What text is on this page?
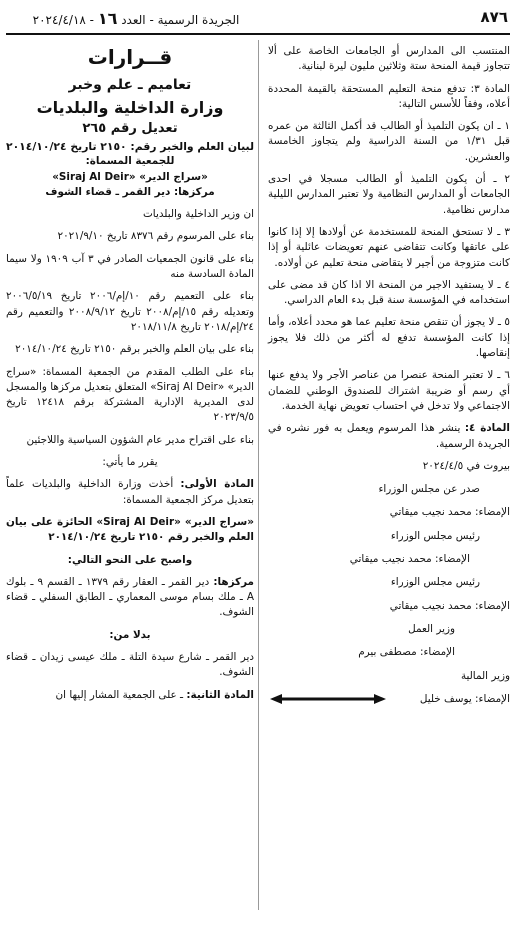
٨٧٦
الجريدة الرسمية - العدد ١٦ - ٢٠٢٤/٤/١٨

المنتسب الى المدارس أو الجامعات الخاصة على ألا تتجاوز قيمة المنحة ستة وثلاثين مليون ليرة لبنانية.

المادة ٣: تدفع منحة التعليم المستحقة بالقيمة المحددة أعلاه، وفقاً للأسس التالية:

١ ـ ان يكون التلميذ أو الطالب قد أكمل الثالثة من عمره قبل ١/٣١ من السنة الدراسية ولم يتجاوز الخامسة والعشرين.

٢ ـ أن يكون التلميذ أو الطالب مسجلا في احدى الجامعات أو المدارس النظامية ولا تعتبر المدارس الليلية مدارس نظامية.

٣ ـ لا تستحق المنحة للمستخدمة عن أولادها إلا إذا كانوا على عاتقها وكانت تتقاضى عنهم تعويضات عائلية أو إذا كانت متزوجة من أجير لا يتقاضى منحة تعليم عن أولاده.

٤ ـ لا يستفيد الاجير من المنحة الا اذا كان قد مضى على استخدامه في المؤسسة سنة قبل بدء العام الدراسي.

٥ ـ لا يجوز أن تنقص منحة تعليم عما هو محدد أعلاه، وأما إذا كانت المؤسسة تدفع له أكثر من ذلك فلا يجوز إنقاصها.

٦ ـ لا تعتبر المنحة عنصرا من عناصر الأجر ولا يدفع عنها أي رسم أو ضريبة اشتراك للصندوق الوطني للضمان الاجتماعي ولا تدخل في احتساب تعويض نهاية الخدمة.

المادة ٤: ينشر هذا المرسوم ويعمل به فور نشره في الجريدة الرسمية.

بيروت في ٢٠٢٤/٤/٥

صدر عن مجلس الوزراء

الإمضاء: محمد نجيب ميقاتي

رئيس مجلس الوزراء

الإمضاء: محمد نجيب ميقاتي

رئيس مجلس الوزراء

الإمضاء: محمد نجيب ميقاتي

وزير العمل

الإمضاء: مصطفى بيرم

وزير المالية

الإمضاء: يوسف خليل
قــرارات
تعاميم ـ علم وخبر
وزارة الداخلية والبلديات
تعديل رقم ٢٦٥
لبيان العلم والخبر رقم: ٢١٥٠ تاريخ ٢٠١٤/١٠/٢٤
للجمعية المسماة:
«سراج الدير» «Siraj Al Deir»

مركزها: دير القمر ـ قضاء الشوف

ان وزير الداخلية والبلديات

بناء على المرسوم رقم ٨٣٧٦ تاريخ ٢٠٢١/٩/١٠

بناء على قانون الجمعيات الصادر في ٣ آب ١٩٠٩ ولا سيما المادة السادسة منه

بناء على التعميم رقم ١٠/إم/٢٠٠٦ تاريخ ٢٠٠٦/٥/١٩ وتعديله رقم ١٥/إم/٢٠٠٨ تاريخ ٢٠٠٨/٩/١٢ والتعميم رقم ٢٤/إم/٢٠١٨ تاريخ ٢٠١٨/١١/٨

بناء على بيان العلم والخبر برقم ٢١٥٠ تاريخ ٢٠١٤/١٠/٢٤

بناء على الطلب المقدم من الجمعية المسماة: «سراج الدير» «Siraj Al Deir» المتعلق بتعديل مركزها والمسجل لدى المديرية الإدارية المشتركة برقم ١٢٤١٨ تاريخ ٢٠٢٣/٩/٥

بناء على اقتراح مدير عام الشؤون السياسية واللاجئين

يقرر ما يأتي:

المادة الأولى: أخذت وزارة الداخلية والبلديات علماً بتعديل مركز الجمعية المسماة:

«سراج الدير» «Siraj Al Deir» الحائزة على بيان العلم والخبر رقم ٢١٥٠ تاريخ ٢٠١٤/١٠/٢٤

واصبح على النحو التالي:

مركزها: دير القمر ـ العقار رقم ١٣٧٩ ـ القسم ٩ ـ بلوك A ـ ملك بسام موسى المعماري ـ الطابق السفلي ـ قضاء الشوف.

بدلا من:

دير القمر ـ شارع سيدة التلة ـ ملك عيسى زيدان ـ قضاء الشوف.

المادة الثانية: ـ على الجمعية المشار إليها ان
